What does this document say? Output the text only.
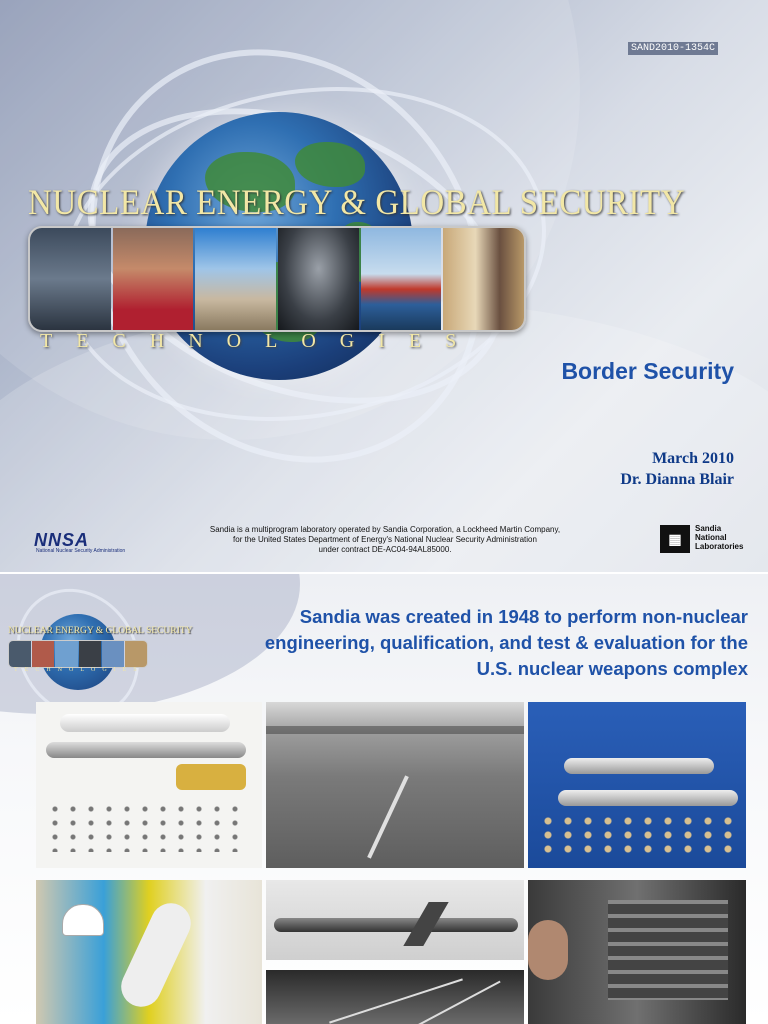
SAND2010-1354C
NUCLEAR ENERGY & GLOBAL SECURITY
TECHNOLOGIES
Border Security
March 2010
Dr. Dianna Blair
NNSA
National Nuclear Security Administration
Sandia is a multiprogram laboratory operated by Sandia Corporation, a Lockheed Martin Company,
for the United States Department of Energy's National Nuclear Security Administration
under contract DE-AC04-94AL85000.
▦
Sandia
National
Laboratories
NUCLEAR ENERGY & GLOBAL SECURITY
TECHNOLOGIES
Sandia was created in 1948 to perform non-nuclear
engineering, qualification, and test & evaluation for the
U.S. nuclear weapons complex
